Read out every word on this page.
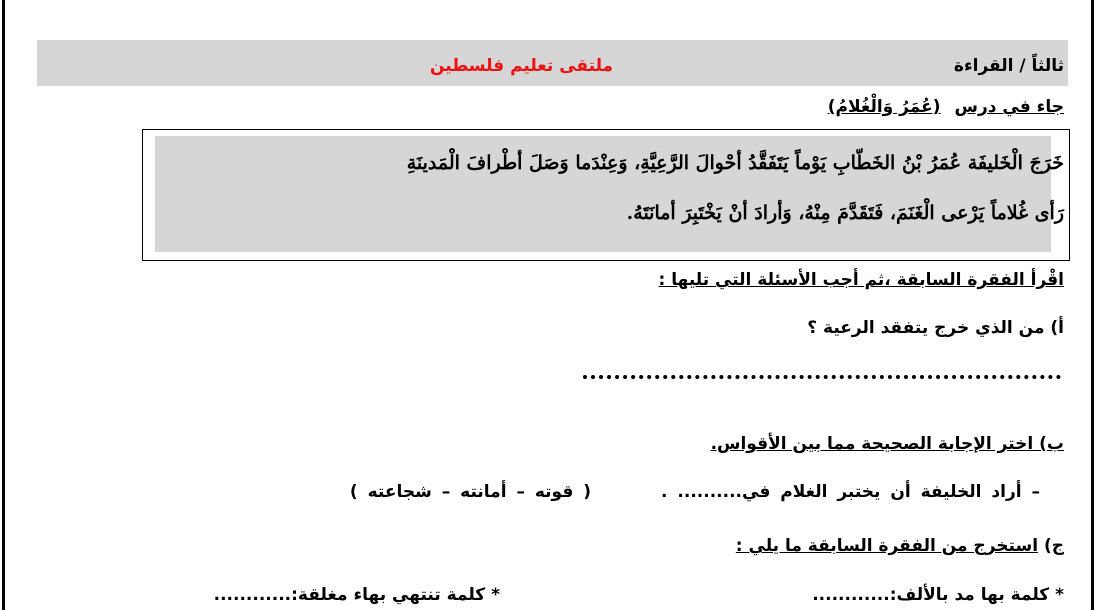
ثالثاً / القراءة
ملتقى تعليم فلسطين
جاء في درس(عُمَرُ وَالْغُلامُ)
خَرَجَ الْخَليفَة عُمَرُ بْنُ الخَطّابِ يَوْماً يَتَفَقَّدُ أحْوالَ الرَّعِيَّةِ، وَعِنْدَما وَصَلَ أطْرافَ الْمَدينَةِ
رَأى غُلاماً يَرْعى الْغَنَمَ، فَتَقَدَّمَ مِنْهُ، وَأرادَ أنْ يَخْتَبِرَ أمانَتَهُ.
اقْرأ الفقرة السابقة ،ثم أجب الأسئلة التي تليها :
أ) من الذي خرج يتفقد الرعية ؟
ب) اختر الإجابة الصحيحة مما بين الأقواس.
– أراد الخليفة أن يختبر الغلام في.......... .( قوته – أمانته – شجاعته )
ج) استخرج من الفقرة السابقة ما يلي :
* كلمة بها مد بالألف:............
* كلمة تنتهي بهاء مغلقة:............
